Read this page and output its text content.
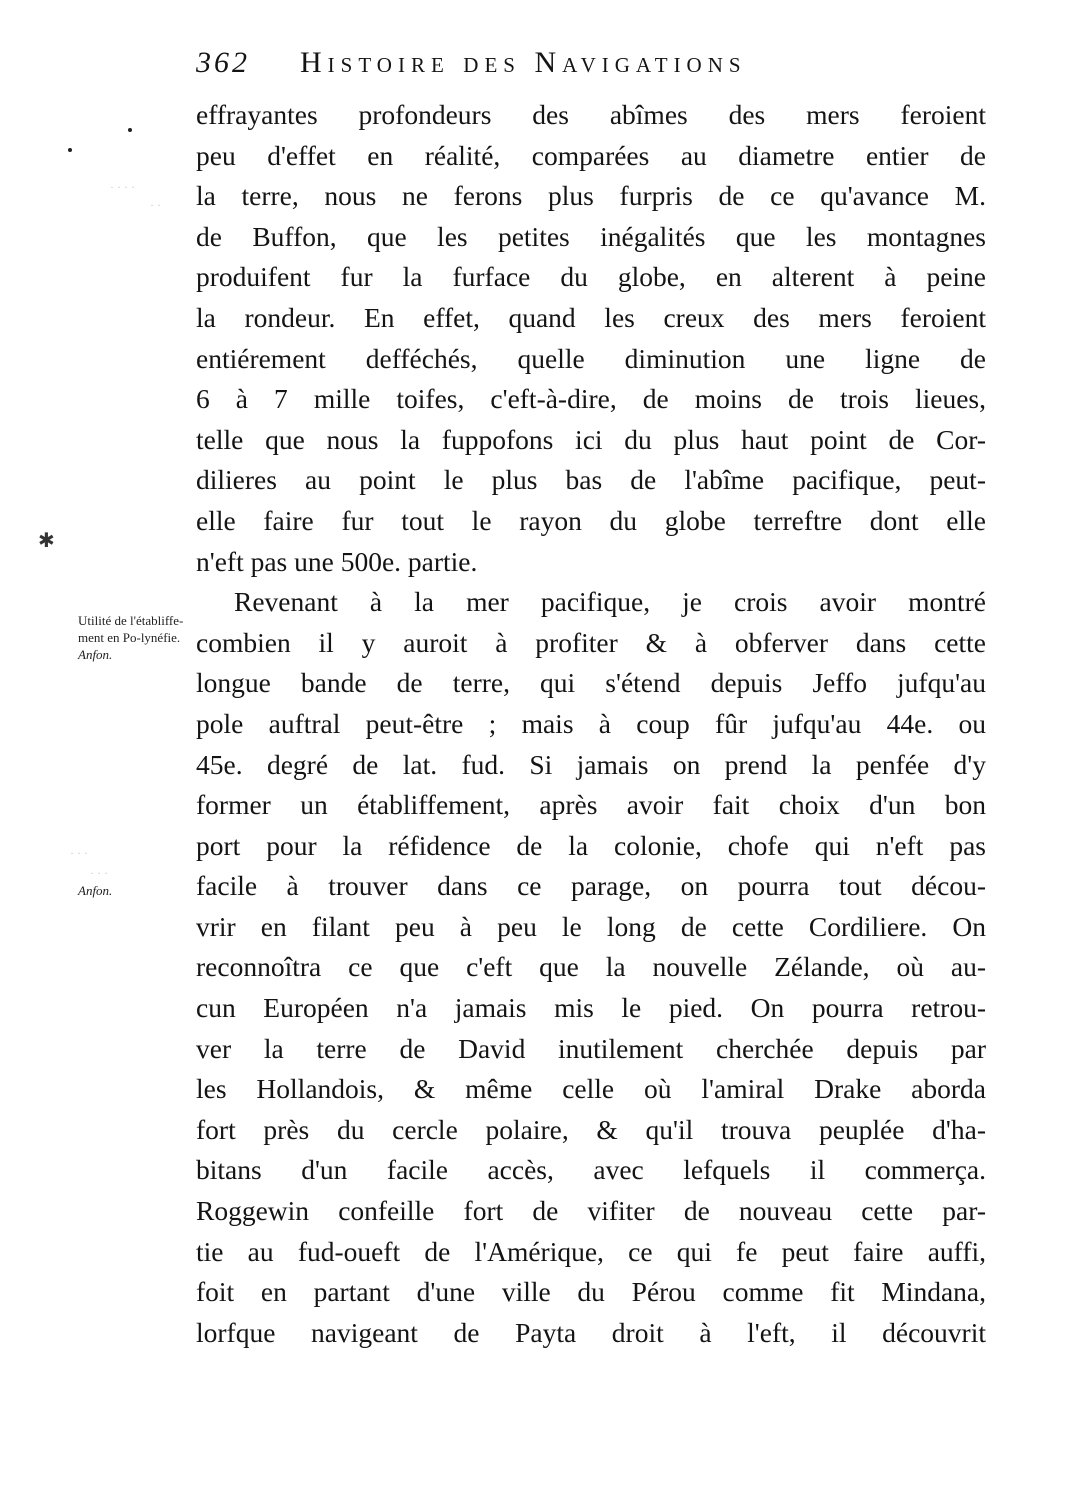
362 Histoire des Navigations
✱
· · · ·
· ·
· · ·
· · ·
Utilité de l'établiffe-ment en Po-lynéfie.
Anfon.
Anfon.
effrayantes profondeurs des abîmes des mers feroient
peu d'effet en réalité, comparées au diametre entier de
la terre, nous ne ferons plus furpris de ce qu'avance M.
de Buffon, que les petites inégalités que les montagnes
produifent fur la furface du globe, en alterent à peine
la rondeur. En effet, quand les creux des mers feroient
entiérement defféchés, quelle diminution une ligne de
6 à 7 mille toifes, c'eft-à-dire, de moins de trois lieues,
telle que nous la fuppofons ici du plus haut point de Cor-
dilieres au point le plus bas de l'abîme pacifique, peut-
elle faire fur tout le rayon du globe terreftre dont elle
n'eft pas une 500e. partie.
Revenant à la mer pacifique, je crois avoir montré
combien il y auroit à profiter & à obferver dans cette
longue bande de terre, qui s'étend depuis Jeffo jufqu'au
pole auftral peut-être ; mais à coup fûr jufqu'au 44e. ou
45e. degré de lat. fud. Si jamais on prend la penfée d'y
former un établiffement, après avoir fait choix d'un bon
port pour la réfidence de la colonie, chofe qui n'eft pas
facile à trouver dans ce parage, on pourra tout décou-
vrir en filant peu à peu le long de cette Cordiliere. On
reconnoîtra ce que c'eft que la nouvelle Zélande, où au-
cun Européen n'a jamais mis le pied. On pourra retrou-
ver la terre de David inutilement cherchée depuis par
les Hollandois, & même celle où l'amiral Drake aborda
fort près du cercle polaire, & qu'il trouva peuplée d'ha-
bitans d'un facile accès, avec lefquels il commerça.
Roggewin confeille fort de vifiter de nouveau cette par-
tie au fud-oueft de l'Amérique, ce qui fe peut faire auffi,
foit en partant d'une ville du Pérou comme fit Mindana,
lorfque navigeant de Payta droit à l'eft, il découvrit
